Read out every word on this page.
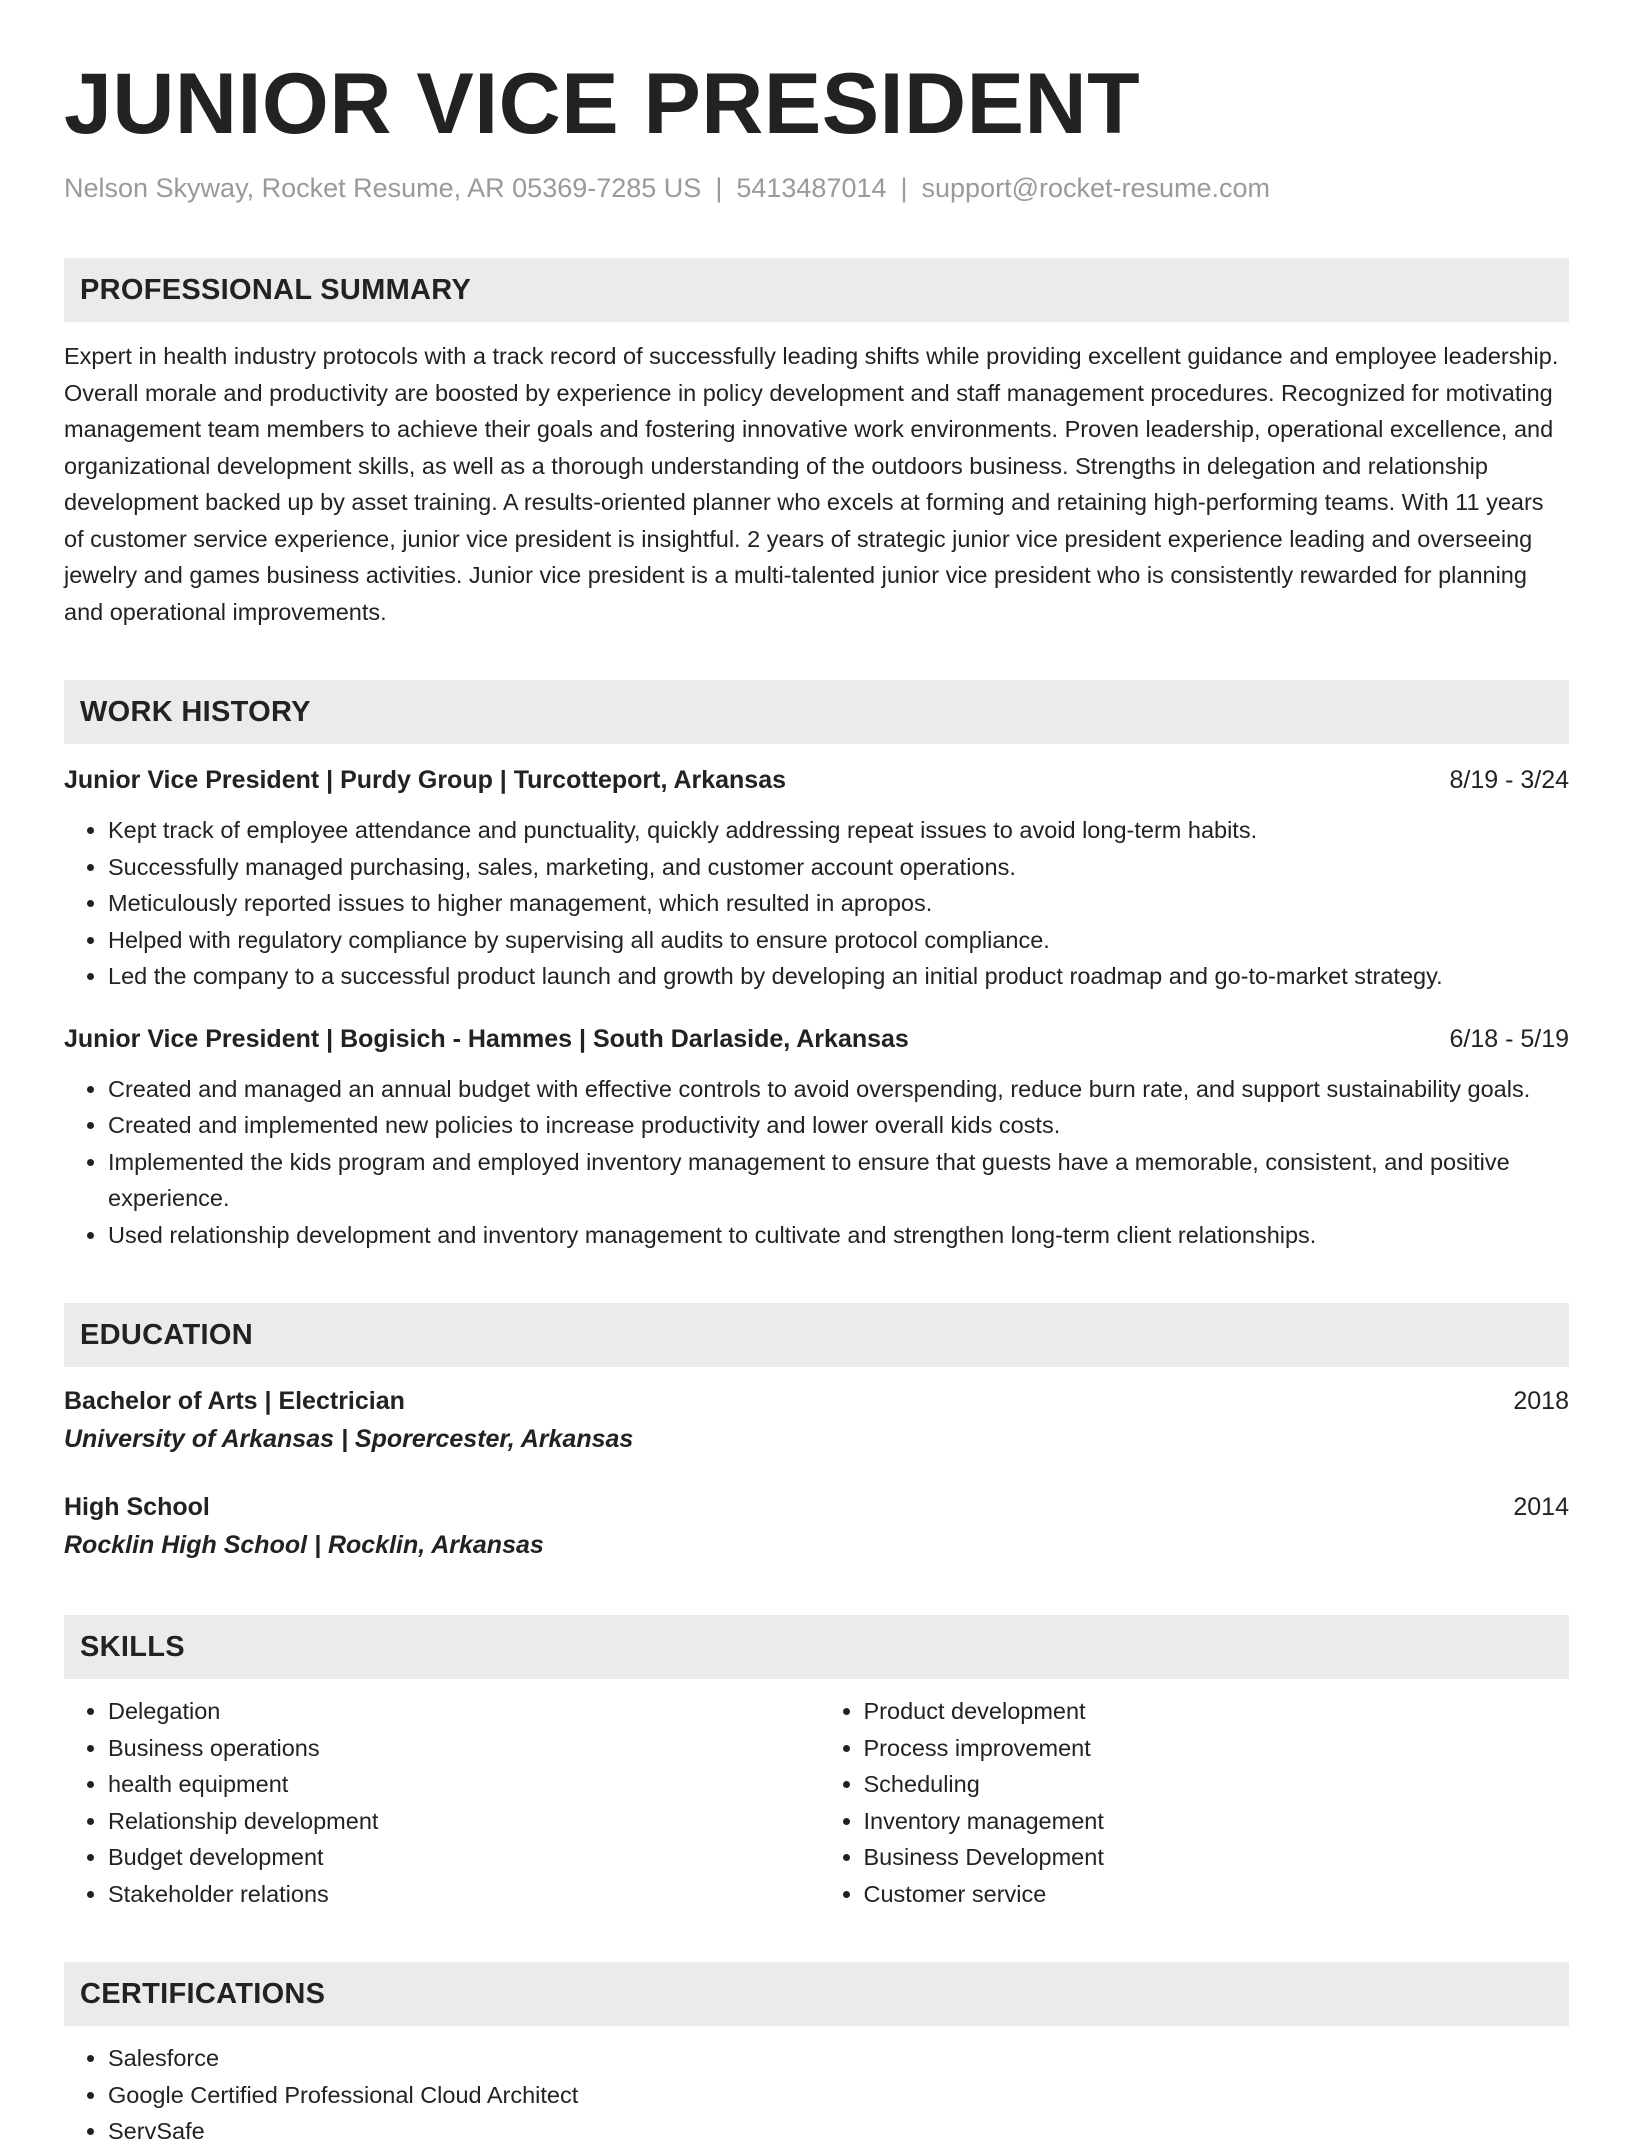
JUNIOR VICE PRESIDENT
Nelson Skyway, Rocket Resume, AR 05369-7285 US | 5413487014 | support@rocket-resume.com
PROFESSIONAL SUMMARY

Expert in health industry protocols with a track record of successfully leading shifts while providing excellent guidance and employee leadership. Overall morale and productivity are boosted by experience in policy development and staff management procedures. Recognized for motivating management team members to achieve their goals and fostering innovative work environments. Proven leadership, operational excellence, and organizational development skills, as well as a thorough understanding of the outdoors business. Strengths in delegation and relationship development backed up by asset training. A results-oriented planner who excels at forming and retaining high-performing teams. With 11 years of customer service experience, junior vice president is insightful. 2 years of strategic junior vice president experience leading and overseeing jewelry and games business activities. Junior vice president is a multi-talented junior vice president who is consistently rewarded for planning and operational improvements.

WORK HISTORY
Junior Vice President | Purdy Group | Turcotteport, Arkansas	8/19 - 3/24
• Kept track of employee attendance and punctuality, quickly addressing repeat issues to avoid long-term habits.
• Successfully managed purchasing, sales, marketing, and customer account operations.
• Meticulously reported issues to higher management, which resulted in apropos.
• Helped with regulatory compliance by supervising all audits to ensure protocol compliance.
• Led the company to a successful product launch and growth by developing an initial product roadmap and go-to-market strategy.
Junior Vice President | Bogisich - Hammes | South Darlaside, Arkansas	6/18 - 5/19
• Created and managed an annual budget with effective controls to avoid overspending, reduce burn rate, and support sustainability goals.
• Created and implemented new policies to increase productivity and lower overall kids costs.
• Implemented the kids program and employed inventory management to ensure that guests have a memorable, consistent, and positive experience.
• Used relationship development and inventory management to cultivate and strengthen long-term client relationships.
EDUCATION
Bachelor of Arts | Electrician	2018
University of Arkansas | Sporercester, Arkansas
High School	2014
Rocklin High School | Rocklin, Arkansas
SKILLS
• Delegation
• Business operations
• health equipment
• Relationship development
• Budget development
• Stakeholder relations
• Product development
• Process improvement
• Scheduling
• Inventory management
• Business Development
• Customer service
CERTIFICATIONS
• Salesforce
• Google Certified Professional Cloud Architect
• ServSafe
